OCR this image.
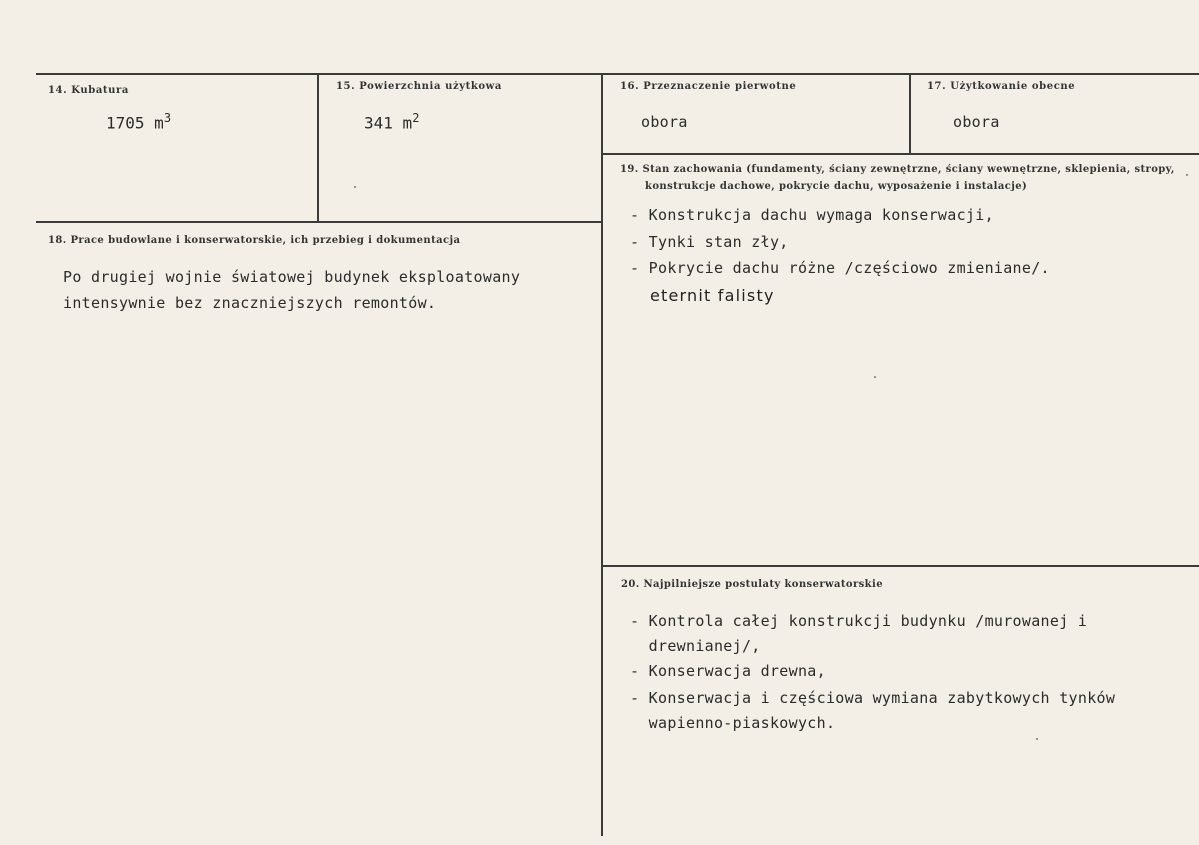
14. Kubatura
1705 $m^3$
15. Powierzchnia użytkowa
341 $m^2$
16. Przeznaczenie pierwotne
obora
17. Użytkowanie obecne
obora
19. Stan zachowania (fundamenty, ściany zewnętrzne, ściany wewnętrzne, sklepienia, stropy,
konstrukcje dachowe, pokrycie dachu, wyposażenie i instalacje)
- Konstrukcja dachu wymaga konserwacji,
- Tynki stan zły,
- Pokrycie dachu różne /częściowo zmieniane/.
eternit falisty
18. Prace budowlane i konserwatorskie, ich przebieg i dokumentacja
Po drugiej wojnie światowej budynek eksploatowany
intensywnie bez znaczniejszych remontów.
20. Najpilniejsze postulaty konserwatorskie
- Kontrola całej konstrukcji budynku /murowanej i
drewnianej/,
- Konserwacja drewna,
- Konserwacja i częściowa wymiana zabytkowych tynków
wapienno-piaskowych.
